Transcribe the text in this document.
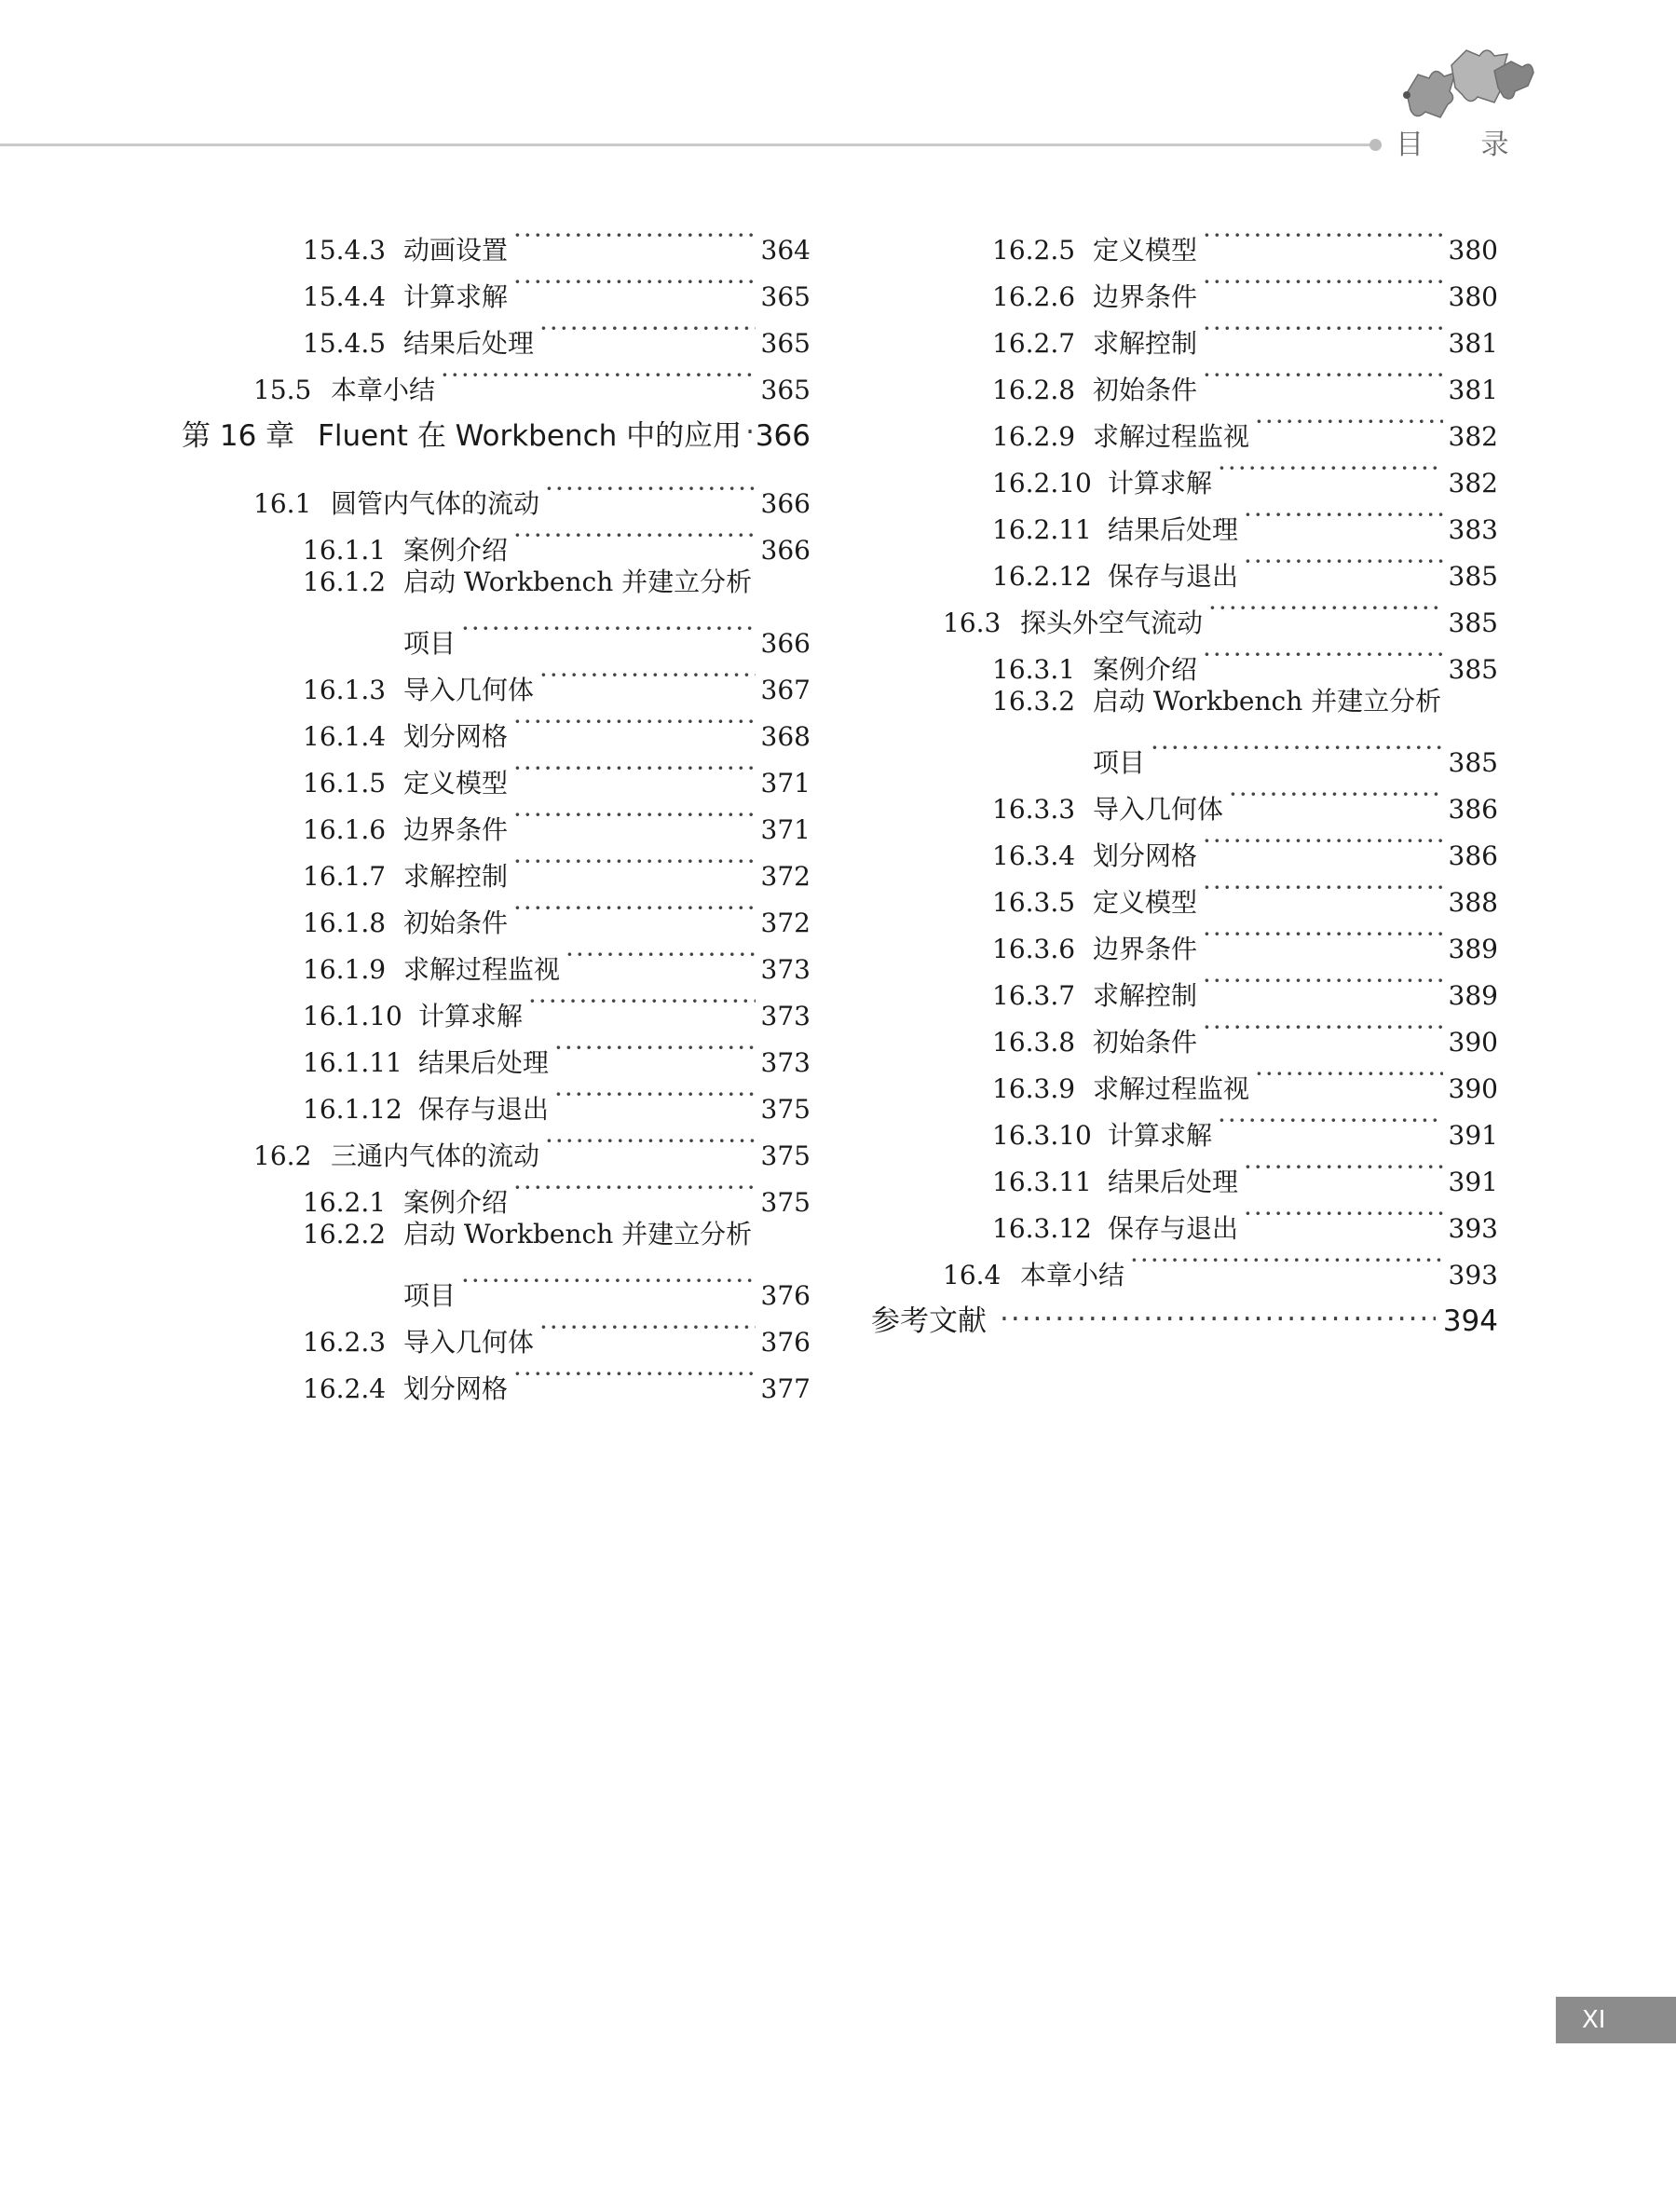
目 录
15.4.3 动画设置 ·····	364
15.4.4 计算求解 ·····	365
15.4.5 结果后处理 ·····	365
15.5 本章小结 ·····	365
第 16 章 Fluent 在 Workbench 中的应用 ····· 366
16.1 圆管内气体的流动 ·····	366
16.1.1 案例介绍 ·····	366
16.1.2 启动 Workbench 并建立分析
项目 ·····	366
16.1.3 导入几何体 ·····	367
16.1.4 划分网格 ·····	368
16.1.5 定义模型 ·····	371
16.1.6 边界条件 ·····	371
16.1.7 求解控制 ·····	372
16.1.8 初始条件 ·····	372
16.1.9 求解过程监视 ·····	373
16.1.10 计算求解 ·····	373
16.1.11 结果后处理 ·····	373
16.1.12 保存与退出 ·····	375
16.2 三通内气体的流动 ·····	375
16.2.1 案例介绍 ·····	375
16.2.2 启动 Workbench 并建立分析
项目 ·····	376
16.2.3 导入几何体 ·····	376
16.2.4 划分网格 ·····	377
16.2.5 定义模型 ·····	380
16.2.6 边界条件 ·····	380
16.2.7 求解控制 ·····	381
16.2.8 初始条件 ·····	381
16.2.9 求解过程监视 ·····	382
16.2.10 计算求解 ·····	382
16.2.11 结果后处理 ·····	383
16.2.12 保存与退出 ·····	385
16.3 探头外空气流动 ·····	385
16.3.1 案例介绍 ·····	385
16.3.2 启动 Workbench 并建立分析
项目 ·····	385
16.3.3 导入几何体 ·····	386
16.3.4 划分网格 ·····	386
16.3.5 定义模型 ·····	388
16.3.6 边界条件 ·····	389
16.3.7 求解控制 ·····	389
16.3.8 初始条件 ·····	390
16.3.9 求解过程监视 ·····	390
16.3.10 计算求解 ·····	391
16.3.11 结果后处理 ·····	391
16.3.12 保存与退出 ·····	393
16.4 本章小结 ·····	393
参考文献 ·····	394
XI
